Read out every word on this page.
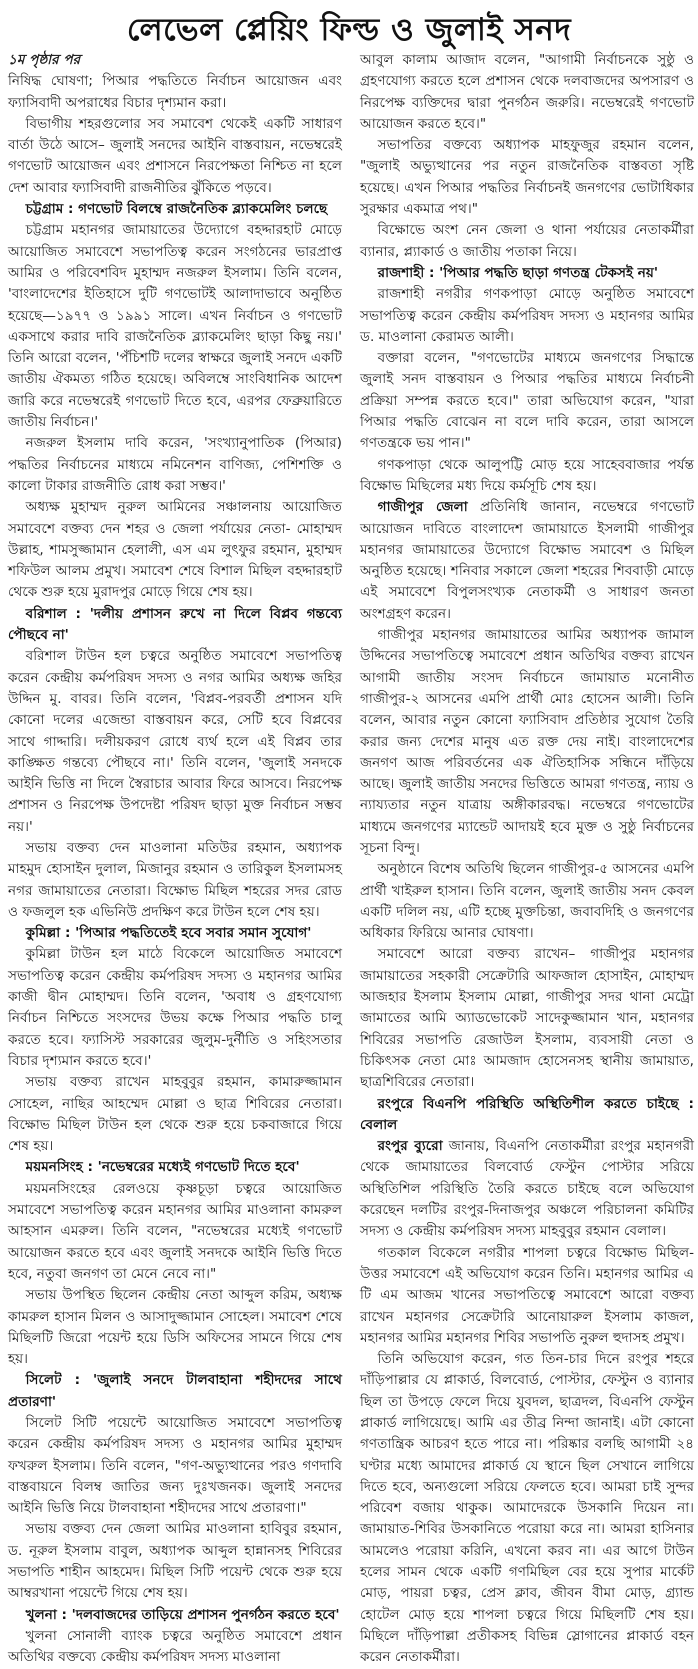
লেভেল প্লেয়িং ফিল্ড ও জুলাই সনদ

১ম পৃষ্ঠার পর

নিষিদ্ধ ঘোষণা; পিআর পদ্ধতিতে নির্বাচন আয়োজন এবং ফ্যাসিবাদী অপরাধের বিচার দৃশ্যমান করা।

বিভাগীয় শহরগুলোর সব সমাবেশ থেকেই একটি সাধারণ বার্তা উঠে আসে– জুলাই সনদের আইনি বাস্তবায়ন, নভেম্বরেই গণভোট আয়োজন এবং প্রশাসনে নিরপেক্ষতা নিশ্চিত না হলে দেশ আবার ফ্যাসিবাদী রাজনীতির ঝুঁকিতে পড়বে।

চট্টগ্রাম : গণভোট বিলম্বে রাজনৈতিক ব্ল্যাকমেলিং চলছে

চট্টগ্রাম মহানগর জামায়াতের উদ্যোগে বহদ্দারহাট মোড়ে আয়োজিত সমাবেশে সভাপতিত্ব করেন সংগঠনের ভারপ্রাপ্ত আমির ও পরিবেশবিদ মুহাম্মদ নজরুল ইসলাম। তিনি বলেন, 'বাংলাদেশের ইতিহাসে দুটি গণভোটই আলাদাভাবে অনুষ্ঠিত হয়েছে—১৯৭৭ ও ১৯৯১ সালে। এখন নির্বাচন ও গণভোট একসাথে করার দাবি রাজনৈতিক ব্ল্যাকমেলিং ছাড়া কিছু নয়।' তিনি আরো বলেন, 'পঁচিশটি দলের স্বাক্ষরে জুলাই সনদে একটি জাতীয় ঐকমত্য গঠিত হয়েছে। অবিলম্বে সাংবিধানিক আদেশ জারি করে নভেম্বরেই গণভোট দিতে হবে, এরপর ফেব্রুয়ারিতে জাতীয় নির্বাচন।'

নজরুল ইসলাম দাবি করেন, 'সংখ্যানুপাতিক (পিআর) পদ্ধতির নির্বাচনের মাধ্যমে নমিনেশন বাণিজ্য, পেশিশক্তি ও কালো টাকার রাজনীতি রোধ করা সম্ভব।'

অধ্যক্ষ মুহাম্মদ নুরুল আমিনের সঞ্চালনায় আয়োজিত সমাবেশে বক্তব্য দেন শহর ও জেলা পর্যায়ের নেতা- মোহাম্মদ উল্লাহ, শামসুজ্জামান হেলালী, এস এম লুৎফুর রহমান, মুহাম্মদ শফিউল আলম প্রমুখ। সমাবেশ শেষে বিশাল মিছিল বহদ্দারহাট থেকে শুরু হয়ে মুরাদপুর মোড়ে গিয়ে শেষ হয়।

বরিশাল : 'দলীয় প্রশাসন রুখে না দিলে বিপ্লব গন্তব্যে পৌছবে না'

বরিশাল টাউন হল চত্বরে অনুষ্ঠিত সমাবেশে সভাপতিত্ব করেন কেন্দ্রীয় কর্মপরিষদ সদস্য ও নগর আমির অধ্যক্ষ জহির উদ্দিন মু. বাবর। তিনি বলেন, 'বিপ্লব-পরবর্তী প্রশাসন যদি কোনো দলের এজেন্ডা বাস্তবায়ন করে, সেটি হবে বিপ্লবের সাথে গাদ্দারি। দলীয়করণ রোধে ব্যর্থ হলে এই বিপ্লব তার কাঙ্ক্ষিত গন্তব্যে পৌছবে না।' তিনি বলেন, 'জুলাই সনদকে আইনি ভিত্তি না দিলে স্বৈরাচার আবার ফিরে আসবে। নিরপেক্ষ প্রশাসন ও নিরপেক্ষ উপদেষ্টা পরিষদ ছাড়া মুক্ত নির্বাচন সম্ভব নয়।'

সভায় বক্তব্য দেন মাওলানা মতিউর রহমান, অধ্যাপক মাহমুদ হোসাইন দুলাল, মিজানুর রহমান ও তারিকুল ইসলামসহ নগর জামায়াতের নেতারা। বিক্ষোভ মিছিল শহরের সদর রোড ও ফজলুল হক এভিনিউ প্রদক্ষিণ করে টাউন হলে শেষ হয়।

কুমিল্লা : 'পিআর পদ্ধতিতেই হবে সবার সমান সুযোগ'

কুমিল্লা টাউন হল মাঠে বিকেলে আয়োজিত সমাবেশে সভাপতিত্ব করেন কেন্দ্রীয় কর্মপরিষদ সদস্য ও মহানগর আমির কাজী দ্বীন মোহাম্মদ। তিনি বলেন, 'অবাধ ও গ্রহণযোগ্য নির্বাচন নিশ্চিতে সংসদের উভয় কক্ষে পিআর পদ্ধতি চালু করতে হবে। ফ্যাসিস্ট সরকারের জুলুম-দুর্নীতি ও সহিংসতার বিচার দৃশ্যমান করতে হবে।'

সভায় বক্তব্য রাখেন মাহবুবুর রহমান, কামারুজ্জামান সোহেল, নাছির আহম্মেদ মোল্লা ও ছাত্র শিবিরের নেতারা। বিক্ষোভ মিছিল টাউন হল থেকে শুরু হয়ে চকবাজারে গিয়ে শেষ হয়।

ময়মনসিংহ : 'নভেম্বরের মধ্যেই গণভোট দিতে হবে'

ময়মনসিংহের রেলওয়ে কৃষ্ণচূড়া চত্বরে আয়োজিত সমাবেশে সভাপতিত্ব করেন মহানগর আমির মাওলানা কামরুল আহসান এমরুল। তিনি বলেন, "নভেম্বরের মধ্যেই গণভোট আয়োজন করতে হবে এবং জুলাই সনদকে আইনি ভিত্তি দিতে হবে, নতুবা জনগণ তা মেনে নেবে না।"

সভায় উপস্থিত ছিলেন কেন্দ্রীয় নেতা আব্দুল করিম, অধ্যক্ষ কামরুল হাসান মিলন ও আসাদুজ্জামান সোহেল। সমাবেশ শেষে মিছিলটি জিরো পয়েন্ট হয়ে ডিসি অফিসের সামনে গিয়ে শেষ হয়।

সিলেট : 'জুলাই সনদে টালবাহানা শহীদদের সাথে প্রতারণা'

সিলেট সিটি পয়েন্টে আয়োজিত সমাবেশে সভাপতিত্ব করেন কেন্দ্রীয় কর্মপরিষদ সদস্য ও মহানগর আমির মুহাম্মদ ফখরুল ইসলাম। তিনি বলেন, "গণ-অভ্যুত্থানের পরও গণদাবি বাস্তবায়নে বিলম্ব জাতির জন্য দুঃখজনক। জুলাই সনদের আইনি ভিত্তি নিয়ে টালবাহানা শহীদদের সাথে প্রতারণা।"

সভায় বক্তব্য দেন জেলা আমির মাওলানা হাবিবুর রহমান, ড. নূরুল ইসলাম বাবুল, অধ্যাপক আব্দুল হান্নানসহ শিবিরের সভাপতি শাহীন আহমেদ। মিছিল সিটি পয়েন্ট থেকে শুরু হয়ে আম্বরখানা পয়েন্টে গিয়ে শেষ হয়।

খুলনা : 'দলবাজদের তাড়িয়ে প্রশাসন পুনর্গঠন করতে হবে'

খুলনা সোনালী ব্যাংক চত্বরে অনুষ্ঠিত সমাবেশে প্রধান অতিথির বক্তব্যে কেন্দ্রীয় কর্মপরিষদ সদস্য মাওলানা

আবুল কালাম আজাদ বলেন, "আগামী নির্বাচনকে সুষ্ঠু ও গ্রহণযোগ্য করতে হলে প্রশাসন থেকে দলবাজদের অপসারণ ও নিরপেক্ষ ব্যক্তিদের দ্বারা পুনর্গঠন জরুরি। নভেম্বরেই গণভোট আয়োজন করতে হবে।"

সভাপতির বক্তব্যে অধ্যাপক মাহফুজুর রহমান বলেন, "জুলাই অভ্যুত্থানের পর নতুন রাজনৈতিক বাস্তবতা সৃষ্টি হয়েছে। এখন পিআর পদ্ধতির নির্বাচনই জনগণের ভোটাধিকার সুরক্ষার একমাত্র পথ।"

বিক্ষোভে অংশ নেন জেলা ও থানা পর্যায়ের নেতাকর্মীরা ব্যানার, প্ল্যাকার্ড ও জাতীয় পতাকা নিয়ে।

রাজশাহী : 'পিআর পদ্ধতি ছাড়া গণতন্ত্র টেকসই নয়'

রাজশাহী নগরীর গণকপাড়া মোড়ে অনুষ্ঠিত সমাবেশে সভাপতিত্ব করেন কেন্দ্রীয় কর্মপরিষদ সদস্য ও মহানগর আমির ড. মাওলানা কেরামত আলী।

বক্তারা বলেন, "গণভোটের মাধ্যমে জনগণের সিদ্ধান্তে জুলাই সনদ বাস্তবায়ন ও পিআর পদ্ধতির মাধ্যমে নির্বাচনী প্রক্রিয়া সম্পন্ন করতে হবে।" তারা অভিযোগ করেন, "যারা পিআর পদ্ধতি বোঝেন না বলে দাবি করেন, তারা আসলে গণতন্ত্রকে ভয় পান।"

গণকপাড়া থেকে আলুপট্টি মোড় হয়ে সাহেববাজার পর্যন্ত বিক্ষোভ মিছিলের মধ্য দিয়ে কর্মসূচি শেষ হয়।

গাজীপুর জেলা প্রতিনিধি জানান, নভেম্বরে গণভোট আয়োজন দাবিতে বাংলাদেশ জামায়াতে ইসলামী গাজীপুর মহানগর জামায়াতের উদ্যোগে বিক্ষোভ সমাবেশ ও মিছিল অনুষ্ঠিত হয়েছে। শনিবার সকালে জেলা শহরের শিববাড়ী মোড়ে এই সমাবেশে বিপুলসংখ্যক নেতাকর্মী ও সাধারণ জনতা অংশগ্রহণ করেন।

গাজীপুর মহানগর জামায়াতের আমির অধ্যাপক জামাল উদ্দিনের সভাপতিত্বে সমাবেশে প্রধান অতিথির বক্তব্য রাখেন আগামী জাতীয় সংসদ নির্বাচনে জামায়াত মনোনীত গাজীপুর-২ আসনের এমপি প্রার্থী মোঃ হোসেন আলী। তিনি বলেন, আবার নতুন কোনো ফ্যাসিবাদ প্রতিষ্ঠার সুযোগ তৈরি করার জন্য দেশের মানুষ এত রক্ত দেয় নাই। বাংলাদেশের জনগণ আজ পরিবর্তনের এক ঐতিহাসিক সন্ধিনে দাঁড়িয়ে আছে। জুলাই জাতীয় সনদের ভিত্তিতে আমরা গণতন্ত্র, ন্যায় ও ন্যায্যতার নতুন যাত্রায় অঙ্গীকারবদ্ধ। নভেম্বরে গণভোটের মাধ্যমে জনগণের ম্যান্ডেট আদায়ই হবে মুক্ত ও সুষ্ঠু নির্বাচনের সূচনা বিন্দু।

অনুষ্ঠানে বিশেষ অতিথি ছিলেন গাজীপুর-৫ আসনের এমপি প্রার্থী খাইরুল হাসান। তিনি বলেন, জুলাই জাতীয় সনদ কেবল একটি দলিল নয়, এটি হচ্ছে মুক্তচিন্তা, জবাবদিহি ও জনগণের অধিকার ফিরিয়ে আনার ঘোষণা।

সমাবেশে আরো বক্তব্য রাখেন– গাজীপুর মহানগর জামায়াতের সহকারী সেক্রেটারি আফজাল হোসাইন, মোহাম্মদ আজহার ইসলাম ইসলাম মোল্লা, গাজীপুর সদর থানা মেট্রো জামাতের আমি অ্যাডভোকেট সাদেকুজ্জামান খান, মহানগর শিবিরের সভাপতি রেজাউল ইসলাম, ব্যবসায়ী নেতা ও চিকিৎসক নেতা মোঃ আমজাদ হোসেনসহ স্থানীয় জামায়াত, ছাত্রশিবিরের নেতারা।

রংপুরে বিএনপি পরিস্থিতি অস্থিতিশীল করতে চাইছে : বেলাল

রংপুর ব্যুরো জানায়, বিএনপি নেতাকর্মীরা রংপুর মহানগরী থেকে জামায়াতের বিলবোর্ড ফেস্টুন পোস্টার সরিয়ে অস্থিতিশিল পরিস্থিতি তৈরি করতে চাইছে বলে অভিযোগ করেছেন দলটির রংপুর-দিনাজপুর অঞ্চলে পরিচালনা কমিটির সদস্য ও কেন্দ্রীয় কর্মপরিষদ সদস্য মাহবুবুর রহমান বেলাল।

গতকাল বিকেলে নগরীর শাপলা চত্বরে বিক্ষোভ মিছিল-উত্তর সমাবেশে এই অভিযোগ করেন তিনি। মহানগর আমির এ টি এম আজম খানের সভাপতিত্বে সমাবেশে আরো বক্তব্য রাখেন মহানগর সেক্রেটারি আনোয়ারুল ইসলাম কাজল, মহানগর আমির মহানগর শিবির সভাপতি নুরুল হুদাসহ প্রমুখ।

তিনি অভিযোগ করেন, গত তিন-চার দিনে রংপুর শহরে দাঁড়িপাল্লার যে প্লাকার্ড, বিলবোর্ড, পোস্টার, ফেস্টুন ও ব্যানার ছিল তা উপড়ে ফেলে দিয়ে যুবদল, ছাত্রদল, বিএনপি ফেস্টুন প্লাকার্ড লাগিয়েছে। আমি এর তীব্র নিন্দা জানাই। এটা কোনো গণতান্ত্রিক আচরণ হতে পারে না। পরিষ্কার বলছি আগামী ২৪ ঘণ্টার মধ্যে আমাদের প্লাকার্ড যে স্থানে ছিল সেখানে লাগিয়ে দিতে হবে, অন্যগুলো সরিয়ে ফেলতে হবে। আমরা চাই সুন্দর পরিবেশ বজায় থাকুক। আমাদেরকে উসকানি দিয়েন না। জামায়াত-শিবির উসকানিতে পরোয়া করে না। আমরা হাসিনার আমলেও পরোয়া করিনি, এখনো করব না। এর আগে টাউন হলের সামন থেকে একটি গণমিছিল বের হয়ে সুপার মার্কেট মোড়, পায়রা চত্বর, প্রেস ক্লাব, জীবন বীমা মোড়, গ্র্যান্ড হোটেল মোড় হয়ে শাপলা চত্বরে গিয়ে মিছিলটি শেষ হয়। মিছিলে দাঁড়িপাল্লা প্রতীকসহ বিভিন্ন স্লোগানের প্লাকার্ড বহন করেন নেতাকর্মীরা।
